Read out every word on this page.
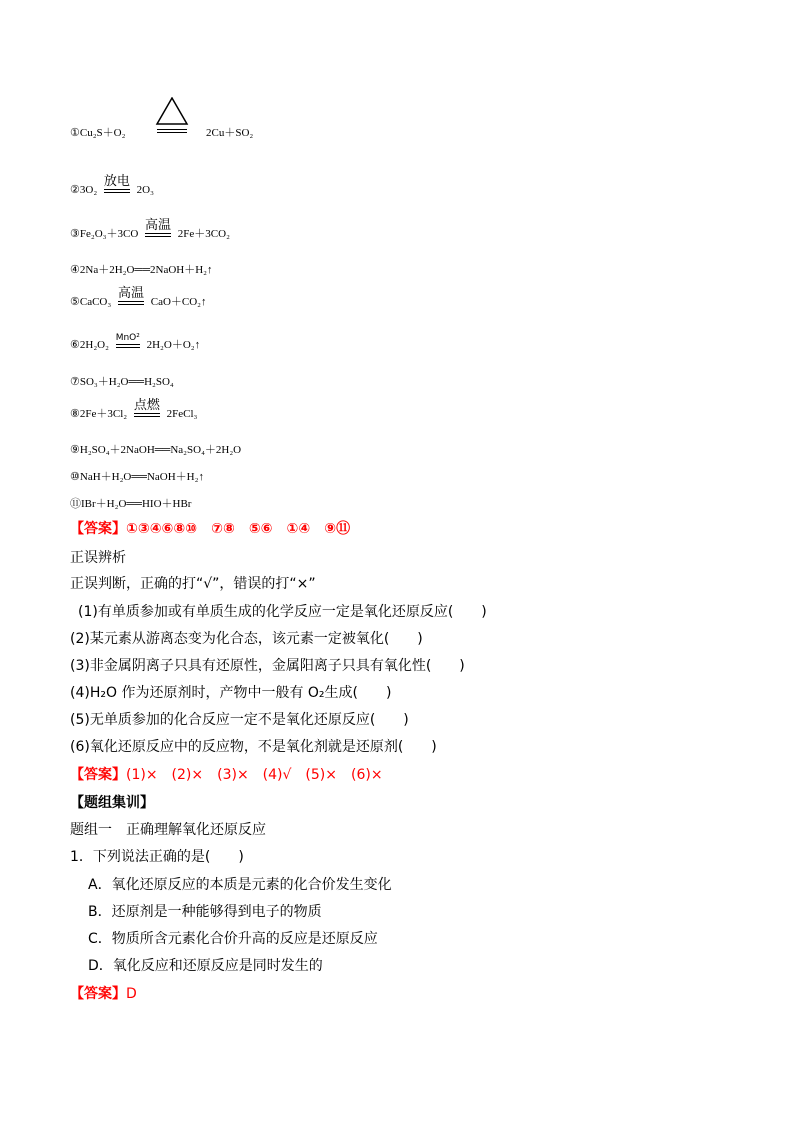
①Cu₂S＋O₂	2Cu＋SO₂
②3O₂
放电
2O₃
③Fe₂O₃＋3CO
高温
2Fe＋3CO₂
④2Na＋2H₂O══2NaOH＋H₂↑
⑤CaCO₃
高温
CaO＋CO₂↑
⑥2H₂O₂
MnO²
2H₂O＋O₂↑
⑦SO₃＋H₂O══H₂SO₄
⑧2Fe＋3Cl₂
点燃
2FeCl₃
⑨H₂SO₄＋2NaOH══Na₂SO₄＋2H₂O
⑩NaH＋H₂O══NaOH＋H₂↑
⑪IBr＋H₂O══HIO＋HBr
【答案】①③④⑥⑧⑩　⑦⑧　⑤⑥　①④　⑨⑪
正误辨析
正误判断，正确的打“√”，错误的打“×”
(1)有单质参加或有单质生成的化学反应一定是氧化还原反应(　　)
(2)某元素从游离态变为化合态，该元素一定被氧化(　　)
(3)非金属阴离子只具有还原性，金属阳离子只具有氧化性(　　)
(4)H₂O 作为还原剂时，产物中一般有 O₂生成(　　)
(5)无单质参加的化合反应一定不是氧化还原反应(　　)
(6)氧化还原反应中的反应物，不是氧化剂就是还原剂(　　)
【答案】(1)×　(2)×　(3)×　(4)√　(5)×　(6)×
【题组集训】
题组一　正确理解氧化还原反应
1．下列说法正确的是(　　)
A．氧化还原反应的本质是元素的化合价发生变化
B．还原剂是一种能够得到电子的物质
C．物质所含元素化合价升高的反应是还原反应
D．氧化反应和还原反应是同时发生的
【答案】D
